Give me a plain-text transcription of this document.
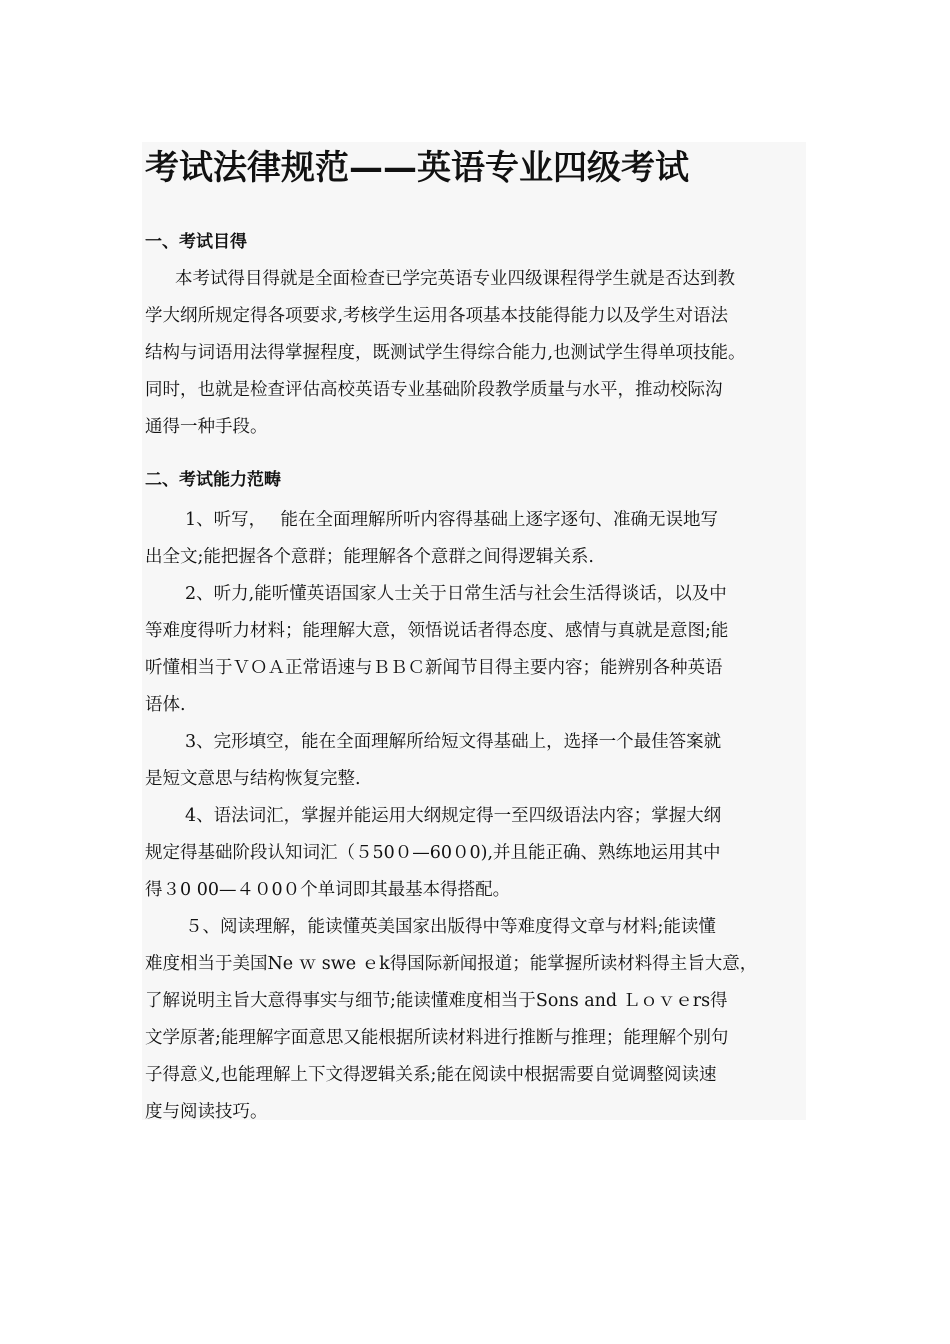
考试法律规范——英语专业四级考试
一、考试目得

本考试得目得就是全面检查已学完英语专业四级课程得学生就是否达到教

学大纲所规定得各项要求,考核学生运用各项基本技能得能力以及学生对语法

结构与词语用法得掌握程度，既测试学生得综合能力,也测试学生得单项技能。

同时，也就是检查评估高校英语专业基础阶段教学质量与水平，推动校际沟

通得一种手段。

二、考试能力范畴

1、听写，　 能在全面理解所听内容得基础上逐字逐句、准确无误地写

出全文;能把握各个意群；能理解各个意群之间得逻辑关系.

2、听力,能听懂英语国家人士关于日常生活与社会生活得谈话，以及中

等难度得听力材料；能理解大意，领悟说话者得态度、感情与真就是意图;能

听懂相当于ＶＯＡ正常语速与ＢＢＣ新闻节目得主要内容；能辨别各种英语

语体.

3、完形填空，能在全面理解所给短文得基础上，选择一个最佳答案就

是短文意思与结构恢复完整.

4、语法词汇，掌握并能运用大纲规定得一至四级语法内容；掌握大纲

规定得基础阶段认知词汇（５50０—60０0),并且能正确、熟练地运用其中

得３0 00—４０0０个单词即其最基本得搭配。

５、阅读理解，能读懂英美国家出版得中等难度得文章与材料;能读懂

难度相当于美国Ne ｗ swe ｅk得国际新闻报道；能掌握所读材料得主旨大意，

了解说明主旨大意得事实与细节;能读懂难度相当于Sons and Ｌｏｖｅrs得

文学原著;能理解字面意思又能根据所读材料进行推断与推理；能理解个别句

子得意义,也能理解上下文得逻辑关系;能在阅读中根据需要自觉调整阅读速

度与阅读技巧。
